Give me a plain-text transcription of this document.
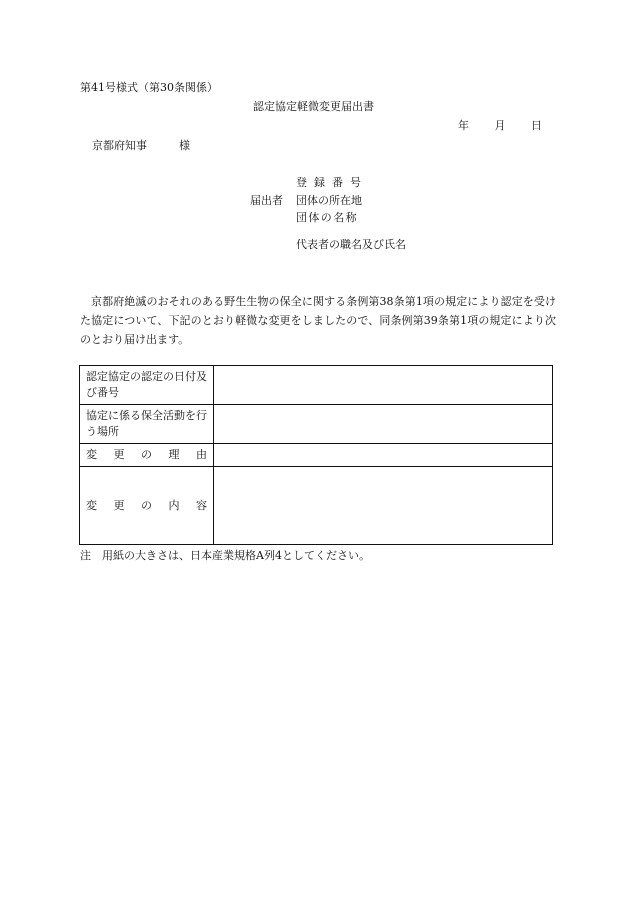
第41号様式（第30条関係）
認定協定軽微変更届出書
年 月 日
京都府知事	様
登録番号
届出者 団体の所在地
団体の名称
代表者の職名及び氏名
京都府絶滅のおそれのある野生生物の保全に関する条例第38条第1項の規定により認定を受けた協定について、下記のとおり軽微な変更をしましたので、同条例第39条第1項の規定により次のとおり届け出ます。
認定協定の認定の日付及び番号	
協定に係る保全活動を行う場所	

変 更 の 理 由	

変 更 の 内 容	

注　用紙の大きさは、日本産業規格A列4としてください。
